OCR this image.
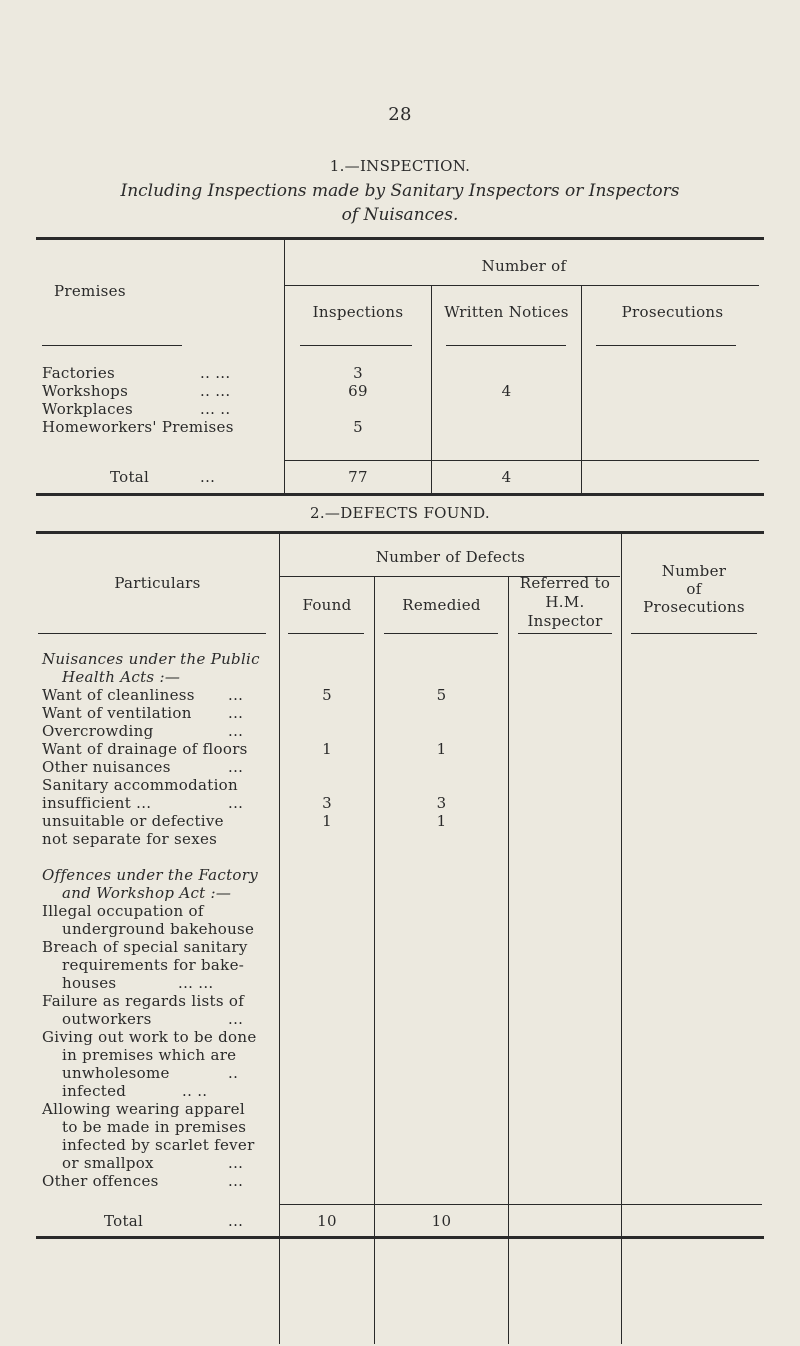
28
1.—INSPECTION.
Including Inspections made by Sanitary Inspectors or Inspectors
of Nuisances.
Premises
Number of
Inspections	Written Notices	Prosecutions
Factories	.. ...	3
Workshops	.. ...	69	4
Workplaces	... ..
Homeworkers' Premises	5
Total	...	77	4
2.—DEFECTS FOUND.
Particulars
Number of Defects
Found	Remedied
Referred to
H.M.
Inspector
Number
of
Prosecutions
Nuisances under the Public
Health Acts :—
Want of cleanliness ...	5	5
Want of ventilation ...
Overcrowding	...
Want of drainage of floors	1	1
Other nuisances	...
Sanitary accommodation
insufficient ...	...	3	3
unsuitable or defective	1	1
not separate for sexes
Offences under the Factory
and Workshop Act :—
Illegal occupation of
underground bakehouse
Breach of special sanitary
requirements for bake-
houses	... ...
Failure as regards lists of
outworkers	...
Giving out work to be done
in premises which are
unwholesome	..
infected	.. ..
Allowing wearing apparel
to be made in premises
infected by scarlet fever
or smallpox	...
Other offences	...
Total	...	10	10
